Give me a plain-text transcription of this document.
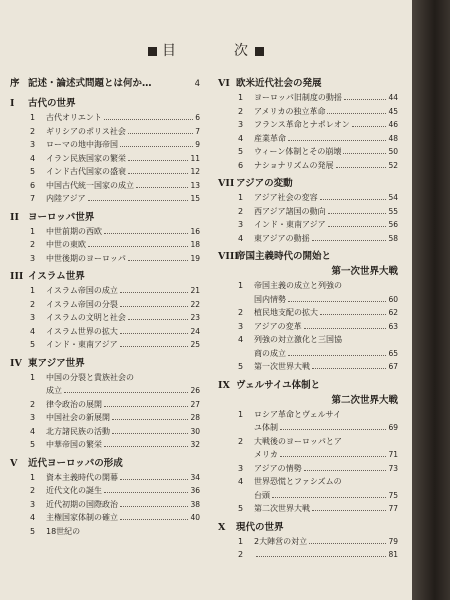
目	次
序 記述・論述式問題とは何か…	4
I	古代の世界
1	古代オリエント	6
2	ギリシアのポリス社会	7
3	ローマの地中海帝国	9
4	イラン民族国家の繁栄	11
5	インド古代国家の盛衰	12
6	中国古代統一国家の成立	13
7	内陸アジア	15
II ヨーロッパ世界
1	中世前期の西欧	16
2	中世の東欧	18
3	中世後期のヨーロッパ	19
III イスラム世界
1	イスラム帝国の成立	21
2	イスラム帝国の分裂	22
3	イスラムの文明と社会	23
4	イスラム世界の拡大	24
5	インド・東南アジア	25
IV 東アジア世界
1	中国の分裂と貴族社会の
成立	26
2	律令政治の展開	27
3	中国社会の新展開	28
4	北方諸民族の活動	30
5	中華帝国の繁栄	32
V	近代ヨーロッパの形成
1	資本主義時代の開幕	34
2	近代文化の誕生	36
3	近代初期の国際政治	38
4	主権国家体制の確立	40
5	18世紀の
VI 欧米近代社会の発展
1	ヨーロッパ旧制度の動揺	44
2	アメリカの独立革命	45
3	フランス革命とナポレオン	46
4	産業革命	48
5	ウィーン体制とその崩壊	50
6	ナショナリズムの発展	52
VII アジアの変動
1	アジア社会の変容	54
2	西アジア諸国の動向	55
3	インド・東南アジア	56
4	東アジアの動揺	58
VIII
帝国主義時代の開始と
第一次世界大戦
1	帝国主義の成立と列強の
国内情勢	60
2	植民地支配の拡大	62
3	アジアの変革	63
4	列強の対立激化と三国協
商の成立	65
5	第一次世界大戦	67
IX ヴェルサイユ体制と
第二次世界大戦
1	ロシア革命とヴェルサイ
ユ体制	69
2	大戦後のヨーロッパとア
メリカ	71
3	アジアの情勢	73
4	世界恐慌とファシズムの
台頭	75
5	第二次世界大戦	77
X	現代の世界
1	2大陣営の対立	79
2	81
